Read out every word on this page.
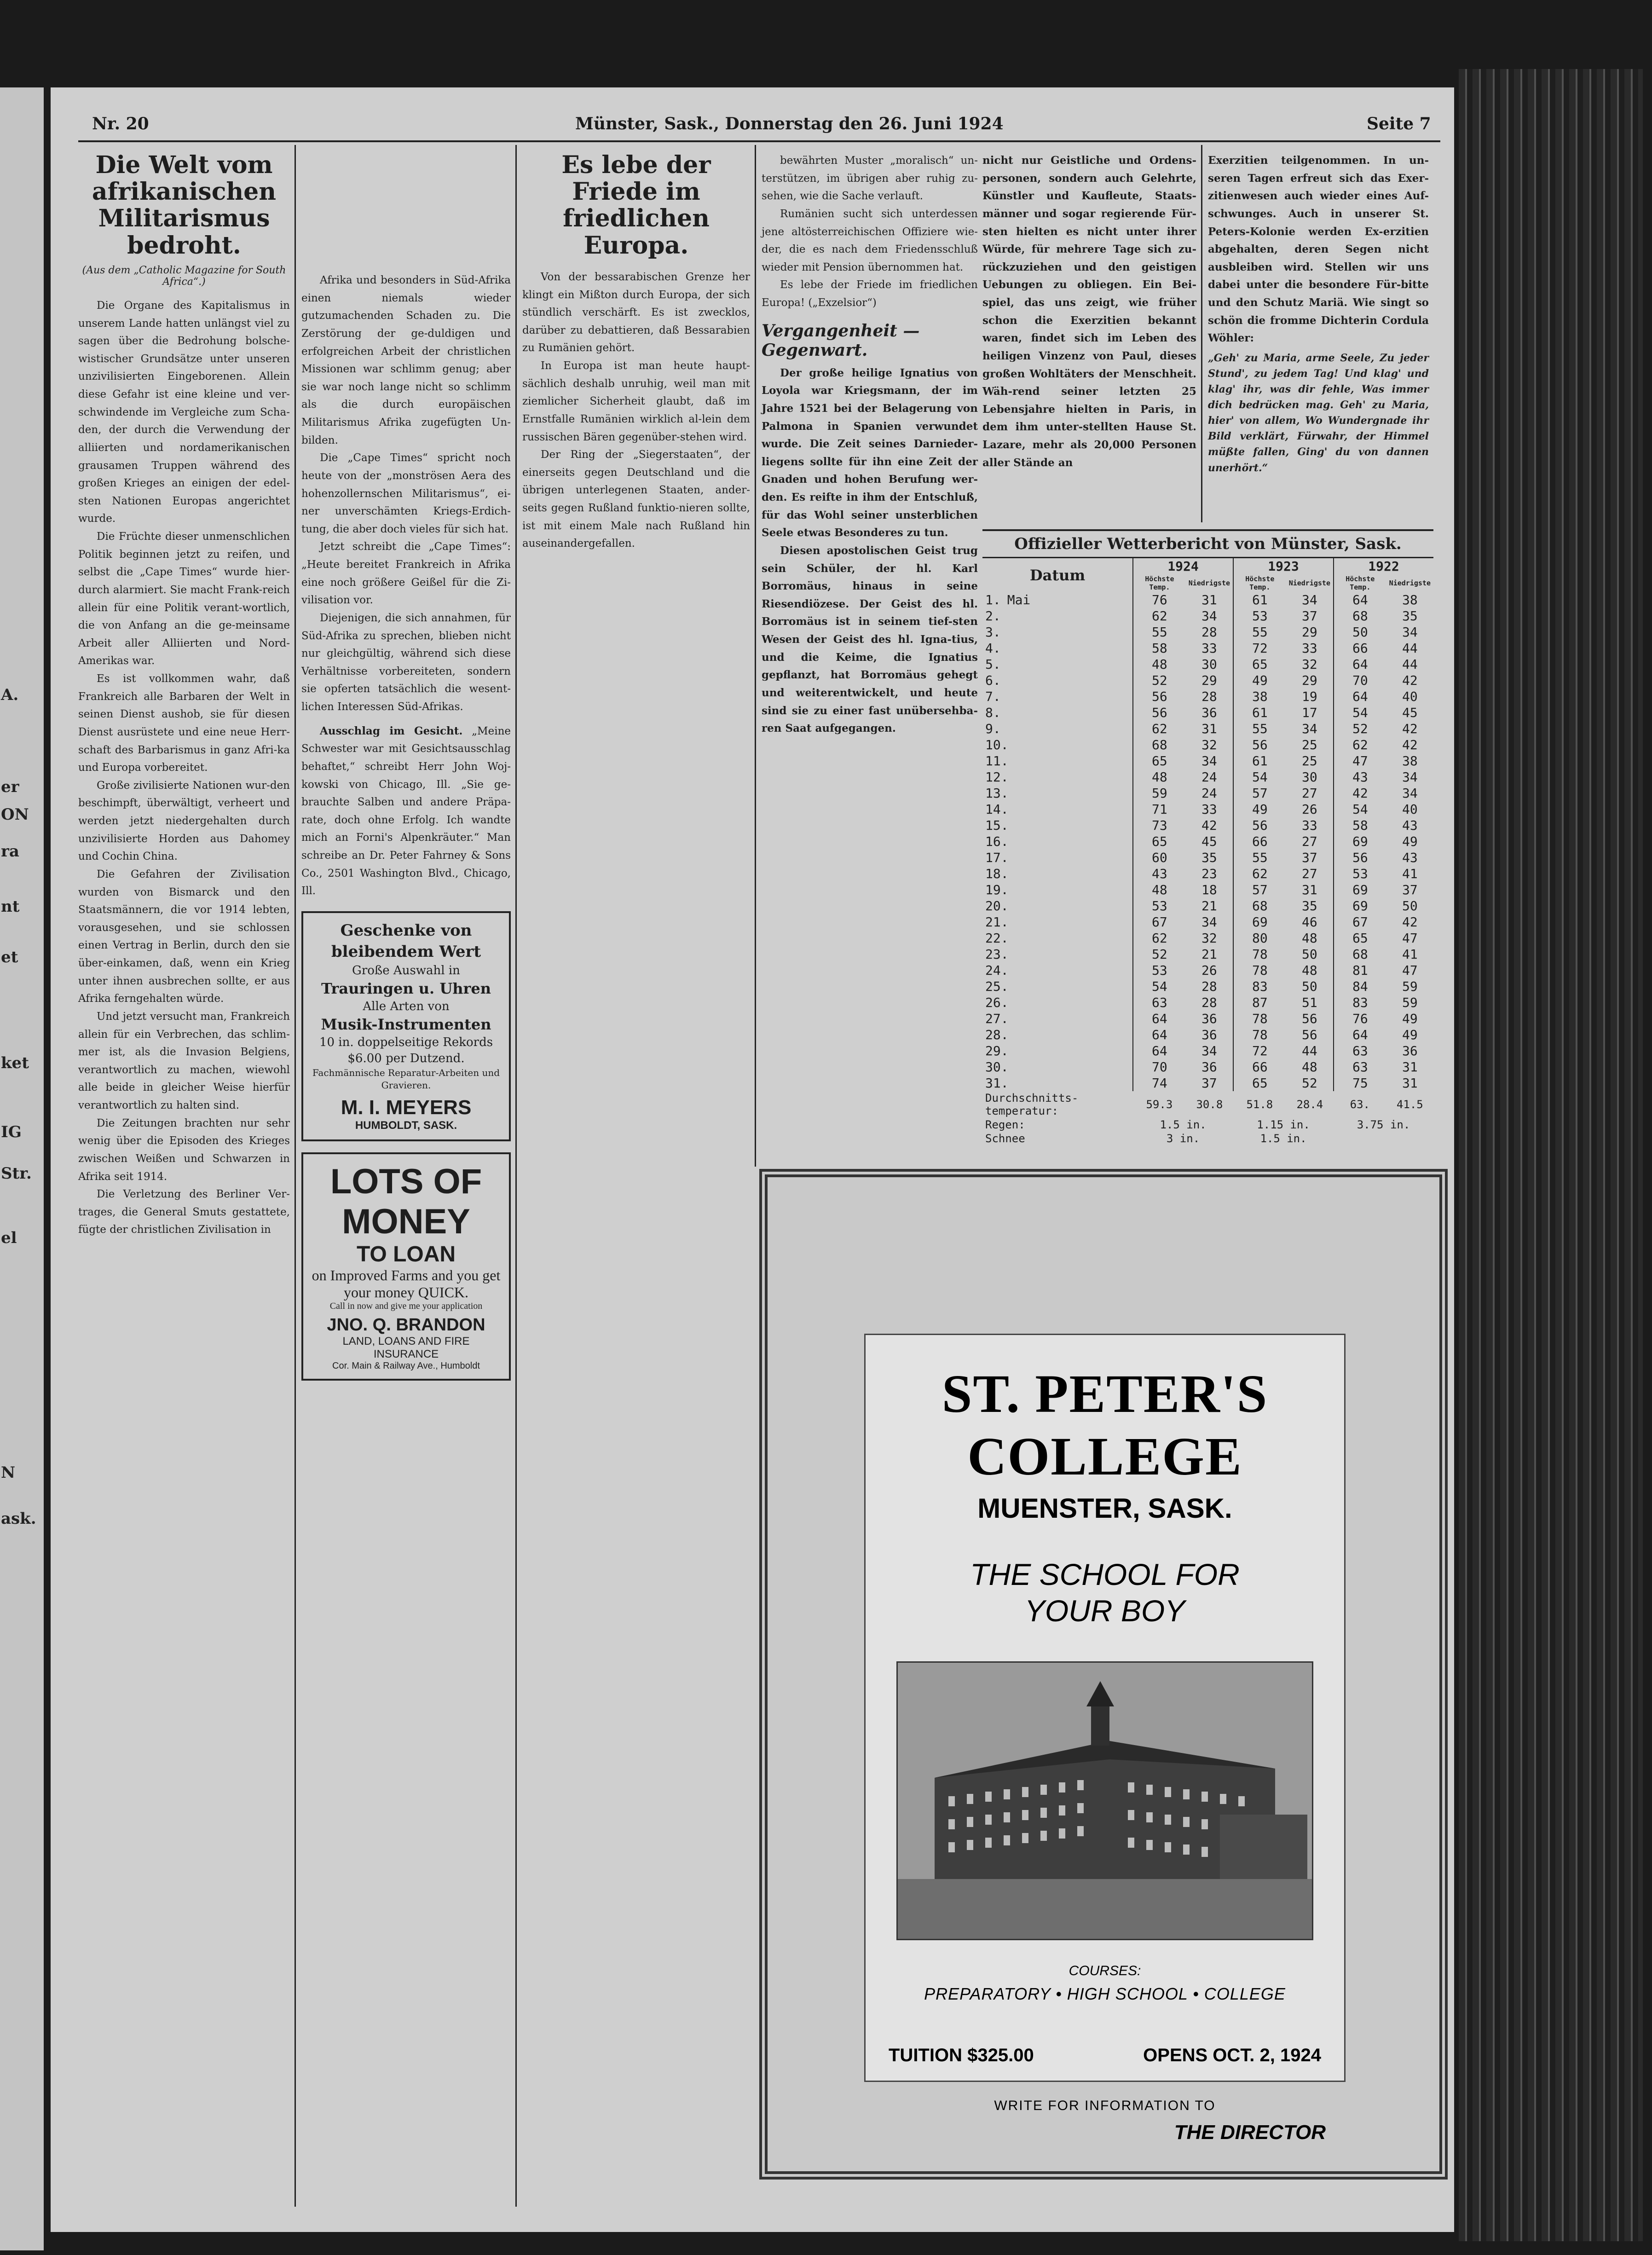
A.
er
ON
ra
nt
et
ket
IG
Str.
el
N
ask.
Nr. 20	Münster, Sask., Donnerstag den 26. Juni 1924	Seite 7
Die Welt vom afrikanischen Militarismus bedroht.
(Aus dem „Catholic Magazine for South Africa“.)

Die Organe des Kapitalismus in unserem Lande hatten unlängst viel zu sagen über die Bedrohung bolsche-wistischer Grundsätze unter unseren unzivilisierten Eingeborenen. Allein diese Gefahr ist eine kleine und ver-schwindende im Vergleiche zum Scha-den, der durch die Verwendung der alliierten und nordamerikanischen grausamen Truppen während des großen Krieges an einigen der edel-sten Nationen Europas angerichtet wurde.

Die Früchte dieser unmenschlichen Politik beginnen jetzt zu reifen, und selbst die „Cape Times“ wurde hier-durch alarmiert. Sie macht Frank-reich allein für eine Politik verant-wortlich, die von Anfang an die ge-meinsame Arbeit aller Alliierten und Nord-Amerikas war.

Es ist vollkommen wahr, daß Frankreich alle Barbaren der Welt in seinen Dienst aushob, sie für diesen Dienst ausrüstete und eine neue Herr-schaft des Barbarismus in ganz Afri-ka und Europa vorbereitet.

Große zivilisierte Nationen wur-den beschimpft, überwältigt, verheert und werden jetzt niedergehalten durch unzivilisierte Horden aus Dahomey und Cochin China.

Die Gefahren der Zivilisation wurden von Bismarck und den Staatsmännern, die vor 1914 lebten, vorausgesehen, und sie schlossen einen Vertrag in Berlin, durch den sie über-einkamen, daß, wenn ein Krieg unter ihnen ausbrechen sollte, er aus Afrika ferngehalten würde.

Und jetzt versucht man, Frankreich allein für ein Verbrechen, das schlim-mer ist, als die Invasion Belgiens, verantwortlich zu machen, wiewohl alle beide in gleicher Weise hierfür verantwortlich zu halten sind.

Die Zeitungen brachten nur sehr wenig über die Episoden des Krieges zwischen Weißen und Schwarzen in Afrika seit 1914.

Die Verletzung des Berliner Ver-trages, die General Smuts gestattete, fügte der christlichen Zivilisation in

Afrika und besonders in Süd-Afrika einen niemals wieder gutzumachenden Schaden zu. Die Zerstörung der ge-duldigen und erfolgreichen Arbeit der christlichen Missionen war schlimm genug; aber sie war noch lange nicht so schlimm als die durch europäischen Militarismus Afrika zugefügten Un-bilden.

Die „Cape Times“ spricht noch heute von der „monströsen Aera des hohenzollernschen Militarismus“, ei-ner unverschämten Kriegs-Erdich-tung, die aber doch vieles für sich hat.

Jetzt schreibt die „Cape Times“: „Heute bereitet Frankreich in Afrika eine noch größere Geißel für die Zi-vilisation vor.

Diejenigen, die sich annahmen, für Süd-Afrika zu sprechen, blieben nicht nur gleichgültig, während sich diese Verhältnisse vorbereiteten, sondern sie opferten tatsächlich die wesent-lichen Interessen Süd-Afrikas.

Ausschlag im Gesicht. „Meine Schwester war mit Gesichtsausschlag behaftet,“ schreibt Herr John Woj-kowski von Chicago, Ill. „Sie ge-brauchte Salben und andere Präpa-rate, doch ohne Erfolg. Ich wandte mich an Forni's Alpenkräuter.“ Man schreibe an Dr. Peter Fahrney & Sons Co., 2501 Washington Blvd., Chicago, Ill.

Geschenke von bleibendem Wert
Große Auswahl in
Trauringen u. Uhren
Alle Arten von
Musik-Instrumenten
10 in. doppelseitige Rekords $6.00 per Dutzend.
Fachmännische Reparatur-Arbeiten und Gravieren.
M. I. MEYERS
HUMBOLDT, SASK.
LOTS OF MONEY
TO LOAN
on Improved Farms and you get your money QUICK.
Call in now and give me your application
JNO. Q. BRANDON
LAND, LOANS AND FIRE INSURANCE
Cor. Main & Railway Ave., Humboldt
Es lebe der Friede im friedlichen Europa.

Von der bessarabischen Grenze her klingt ein Mißton durch Europa, der sich stündlich verschärft. Es ist zwecklos, darüber zu debattieren, daß Bessarabien zu Rumänien gehört.

In Europa ist man heute haupt-sächlich deshalb unruhig, weil man mit ziemlicher Sicherheit glaubt, daß im Ernstfalle Rumänien wirklich al-lein dem russischen Bären gegenüber-stehen wird.

Der Ring der „Siegerstaaten“, der einerseits gegen Deutschland und die übrigen unterlegenen Staaten, ander-seits gegen Rußland funktio-nieren sollte, ist mit einem Male nach Rußland hin auseinandergefallen.

bewährten Muster „moralisch“ un-terstützen, im übrigen aber ruhig zu-sehen, wie die Sache verlauft.

Rumänien sucht sich unterdessen jene altösterreichischen Offiziere wie-der, die es nach dem Friedensschluß wieder mit Pension übernommen hat.

Es lebe der Friede im friedlichen Europa! („Exzelsior“)

Vergangenheit — Gegenwart.

Der große heilige Ignatius von Loyola war Kriegsmann, der im Jahre 1521 bei der Belagerung von Palmona in Spanien verwundet wurde. Die Zeit seines Darnieder-liegens sollte für ihn eine Zeit der Gnaden und hohen Berufung wer-den. Es reifte in ihm der Entschluß, für das Wohl seiner unsterblichen Seele etwas Besonderes zu tun.

Diesen apostolischen Geist trug sein Schüler, der hl. Karl Borromäus, hinaus in seine Riesendiözese. Der Geist des hl. Borromäus ist in seinem tief-sten Wesen der Geist des hl. Igna-tius, und die Keime, die Ignatius gepflanzt, hat Borromäus gehegt und weiterentwickelt, und heute sind sie zu einer fast unübersehba-ren Saat aufgegangen.

nicht nur Geistliche und Ordens-personen, sondern auch Gelehrte, Künstler und Kaufleute, Staats-männer und sogar regierende Für-sten hielten es nicht unter ihrer Würde, für mehrere Tage sich zu-rückzuziehen und den geistigen Uebungen zu obliegen. Ein Bei-spiel, das uns zeigt, wie früher schon die Exerzitien bekannt waren, findet sich im Leben des heiligen Vinzenz von Paul, dieses großen Wohltäters der Menschheit. Wäh-rend seiner letzten 25 Lebensjahre hielten in Paris, in dem ihm unter-stellten Hause St. Lazare, mehr als 20,000 Personen aller Stände an
Exerzitien teilgenommen. In un-seren Tagen erfreut sich das Exer-zitienwesen auch wieder eines Auf-schwunges. Auch in unserer St. Peters-Kolonie werden Ex-erzitien abgehalten, deren Segen nicht ausbleiben wird. Stellen wir uns dabei unter die besondere Für-bitte und den Schutz Mariä. Wie singt so schön die fromme Dichterin Cordula Wöhler:
„Geh' zu Maria, arme Seele, Zu jeder Stund', zu jedem Tag! Und klag' und klag' ihr, was dir fehle, Was immer dich bedrücken mag. Geh' zu Maria, hier' von allem, Wo Wundergnade ihr Bild verklärt, Fürwahr, der Himmel müßte fallen, Ging' du von dannen unerhört.“
Offizieller Wetterbericht von Münster, Sask.
Datum	1924		1923		1922	
	Höchste Temp.	Niedrigste	Höchste Temp.	Niedrigste	Höchste Temp.	Niedrigste
1. Mai	76	31	61	34	64	38
2.	62	34	53	37	68	35
3.	55	28	55	29	50	34
4.	58	33	72	33	66	44
5.	48	30	65	32	64	44
6.	52	29	49	29	70	42
7.	56	28	38	19	64	40
8.	56	36	61	17	54	45
9.	62	31	55	34	52	42
10.	68	32	56	25	62	42
11.	65	34	61	25	47	38
12.	48	24	54	30	43	34
13.	59	24	57	27	42	34
14.	71	33	49	26	54	40
15.	73	42	56	33	58	43
16.	65	45	66	27	69	49
17.	60	35	55	37	56	43
18.	43	23	62	27	53	41
19.	48	18	57	31	69	37
20.	53	21	68	35	69	50
21.	67	34	69	46	67	42
22.	62	32	80	48	65	47
23.	52	21	78	50	68	41
24.	53	26	78	48	81	47
25.	54	28	83	50	84	59
26.	63	28	87	51	83	59
27.	64	36	78	56	76	49
28.	64	36	78	56	64	49
29.	64	34	72	44	63	36
30.	70	36	66	48	63	31
31.	74	37	65	52	75	31
Durchschnitts-temperatur:	59.3	30.8	51.8	28.4	63.	41.5
Regen:	1.5 in.		1.15 in.		3.75 in.	
Schnee	3 in.		1.5 in.			
ST. PETER'S COLLEGE
MUENSTER, SASK.
THE SCHOOL FOR
YOUR BOY
COURSES:
PREPARATORY • HIGH SCHOOL • COLLEGE
TUITION $325.00	OPENS OCT. 2, 1924
WRITE FOR INFORMATION TO
THE DIRECTOR
